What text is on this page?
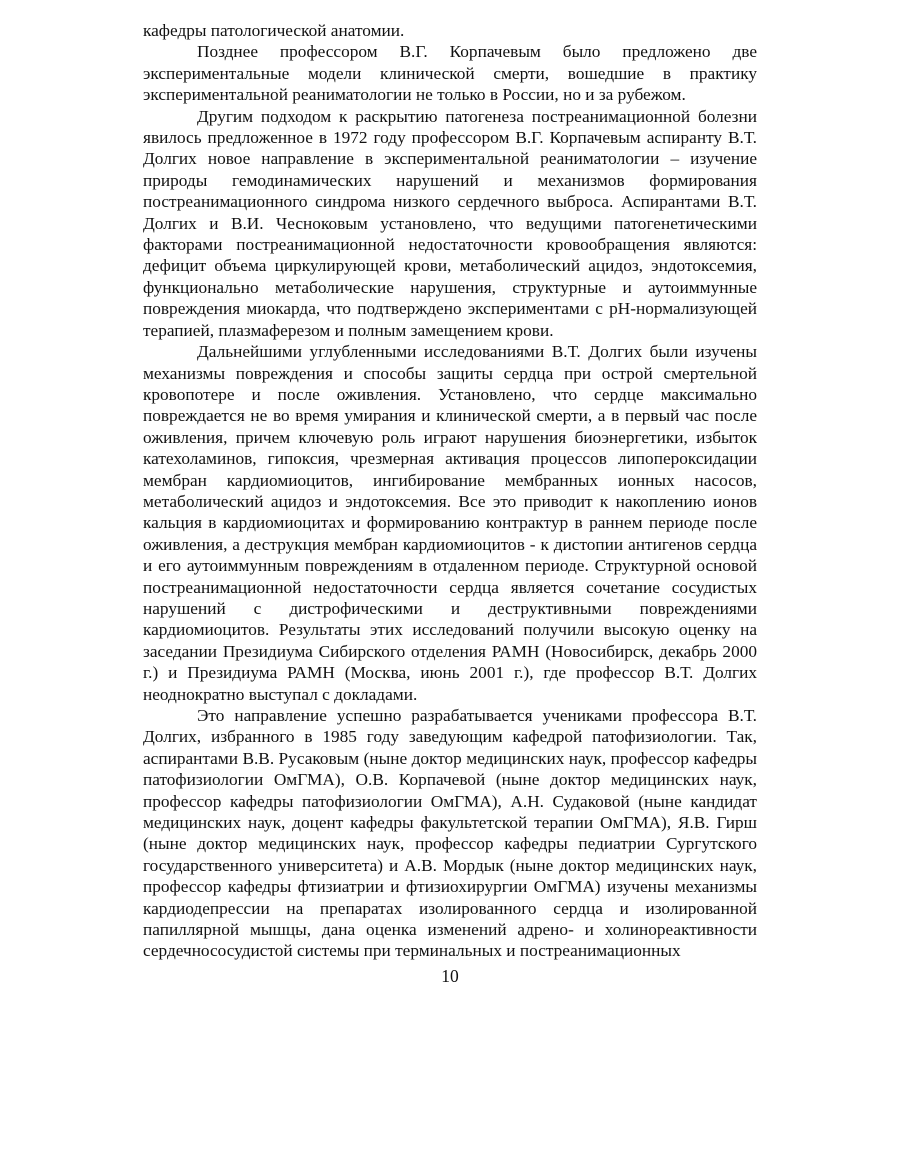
кафедры патологической анатомии.

Позднее профессором В.Г. Корпачевым было предложено две экспериментальные модели клинической смерти, вошедшие в практику экспериментальной реаниматологии не только в России, но и за рубежом.

Другим подходом к раскрытию патогенеза постреанимационной болезни явилось предложенное в 1972 году профессором В.Г. Корпачевым аспиранту В.Т. Долгих новое направление в экспериментальной реаниматологии – изучение природы гемодинамических нарушений и механизмов формирования постреанимационного синдрома низкого сердечного выброса. Аспирантами В.Т. Долгих и В.И. Чесноковым установлено, что ведущими патогенетическими факторами постреанимационной недостаточности кровообращения являются: дефицит объема циркулирующей крови, метаболический ацидоз, эндотоксемия, функционально метаболические нарушения, структурные и аутоиммунные повреждения миокарда, что подтверждено экспериментами с рН-нормализующей терапией, плазмаферезом и полным замещением крови.

Дальнейшими углубленными исследованиями В.Т. Долгих были изучены механизмы повреждения и способы защиты сердца при острой смертельной кровопотере и после оживления. Установлено, что сердце максимально повреждается не во время умирания и клинической смерти, а в первый час после оживления, причем ключевую роль играют нарушения биоэнергетики, избыток катехоламинов, гипоксия, чрезмерная активация процессов липопероксидации мембран кардиомиоцитов, ингибирование мембранных ионных насосов, метаболический ацидоз и эндотоксемия. Все это приводит к накоплению ионов кальция в кардиомиоцитах и формированию контрактур в раннем периоде после оживления, а деструкция мембран кардиомиоцитов - к дистопии антигенов сердца и его аутоиммунным повреждениям в отдаленном периоде. Структурной основой постреанимационной недостаточности сердца является сочетание сосудистых нарушений с дистрофическими и деструктивными повреждениями кардиомиоцитов. Результаты этих исследований получили высокую оценку на заседании Президиума Сибирского отделения РАМН (Новосибирск, декабрь 2000 г.) и Президиума РАМН (Москва, июнь 2001 г.), где профессор В.Т. Долгих неоднократно выступал с докладами.

Это направление успешно разрабатывается учениками профессора В.Т. Долгих, избранного в 1985 году заведующим кафедрой патофизиологии. Так, аспирантами В.В. Русаковым (ныне доктор медицинских наук, профессор кафедры патофизиологии ОмГМА), О.В. Корпачевой (ныне доктор медицинских наук, профессор кафедры патофизиологии ОмГМА), А.Н. Судаковой (ныне кандидат медицинских наук, доцент кафедры факультетской терапии ОмГМА), Я.В. Гирш (ныне доктор медицинских наук, профессор кафедры педиатрии Сургутского государственного университета) и А.В. Мордык (ныне доктор медицинских наук, профессор кафедры фтизиатрии и фтизиохирургии ОмГМА) изучены механизмы кардиодепрессии на препаратах изолированного сердца и изолированной папиллярной мышцы, дана оценка изменений адрено- и холинореактивности сердечнососудистой системы при терминальных и постреанимационных

10
